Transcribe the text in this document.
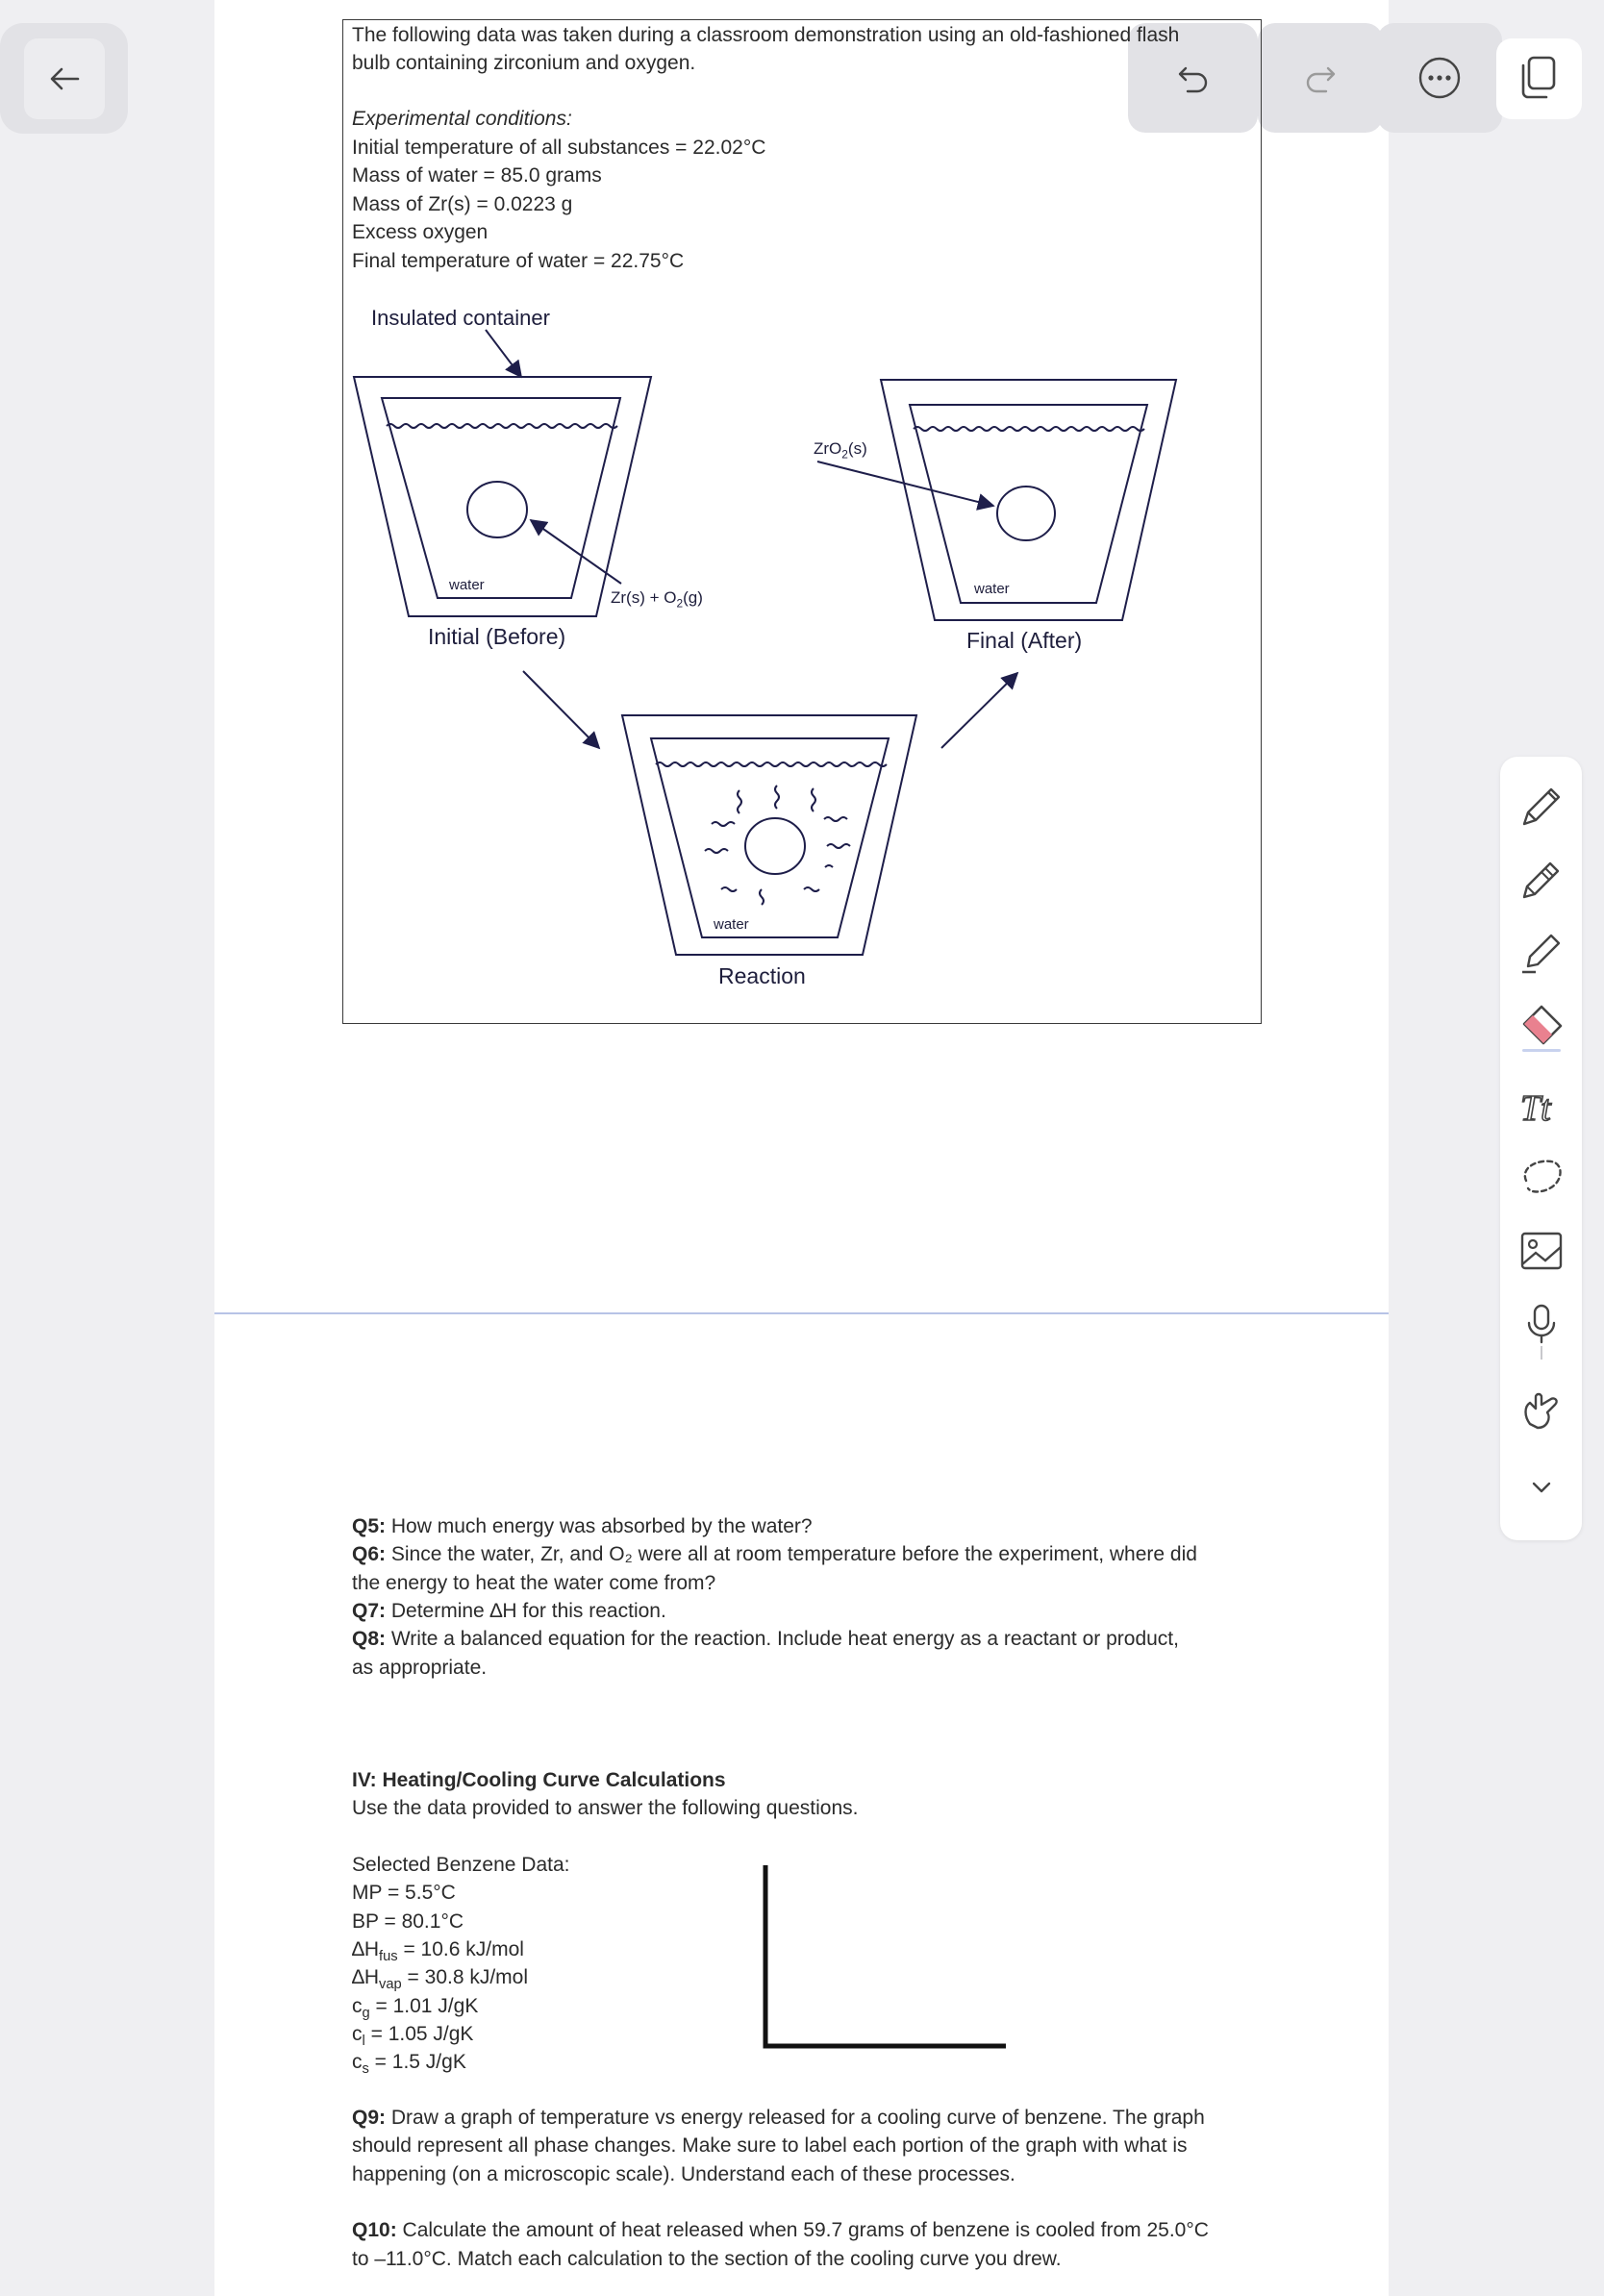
Tt
The following data was taken during a classroom demonstration using an old-fashioned flash
bulb containing zirconium and oxygen.
Experimental conditions:
Initial temperature of all substances = 22.02°C
Mass of water = 85.0 grams
Mass of Zr(s) = 0.0223 g
Excess oxygen
Final temperature of water = 22.75°C
Insulated container
water
$Zr(s) + O_2(g)$
Initial (Before)
ZrO$_2$(s)
water
Final (After)
water
Reaction
Q5: How much energy was absorbed by the water?
Q6: Since the water, Zr, and O₂ were all at room temperature before the experiment, where did
the energy to heat the water come from?
Q7: Determine ∆H for this reaction.
Q8: Write a balanced equation for the reaction. Include heat energy as a reactant or product,
as appropriate.
IV: Heating/Cooling Curve Calculations
Use the data provided to answer the following questions.
Selected Benzene Data:
MP = 5.5°C
BP = 80.1°C
$\Delta H_{fus} = 10.6$ kJ/mol
$\Delta H_{vap} = 30.8$ kJ/mol
$c_g = 1.01$ J/gK
$c_l = 1.05$ J/gK
$c_s = 1.5$ J/gK
Q9: Draw a graph of temperature vs energy released for a cooling curve of benzene. The graph
should represent all phase changes. Make sure to label each portion of the graph with what is
happening (on a microscopic scale). Understand each of these processes.
Q10: Calculate the amount of heat released when 59.7 grams of benzene is cooled from 25.0°C
to –11.0°C. Match each calculation to the section of the cooling curve you drew.
